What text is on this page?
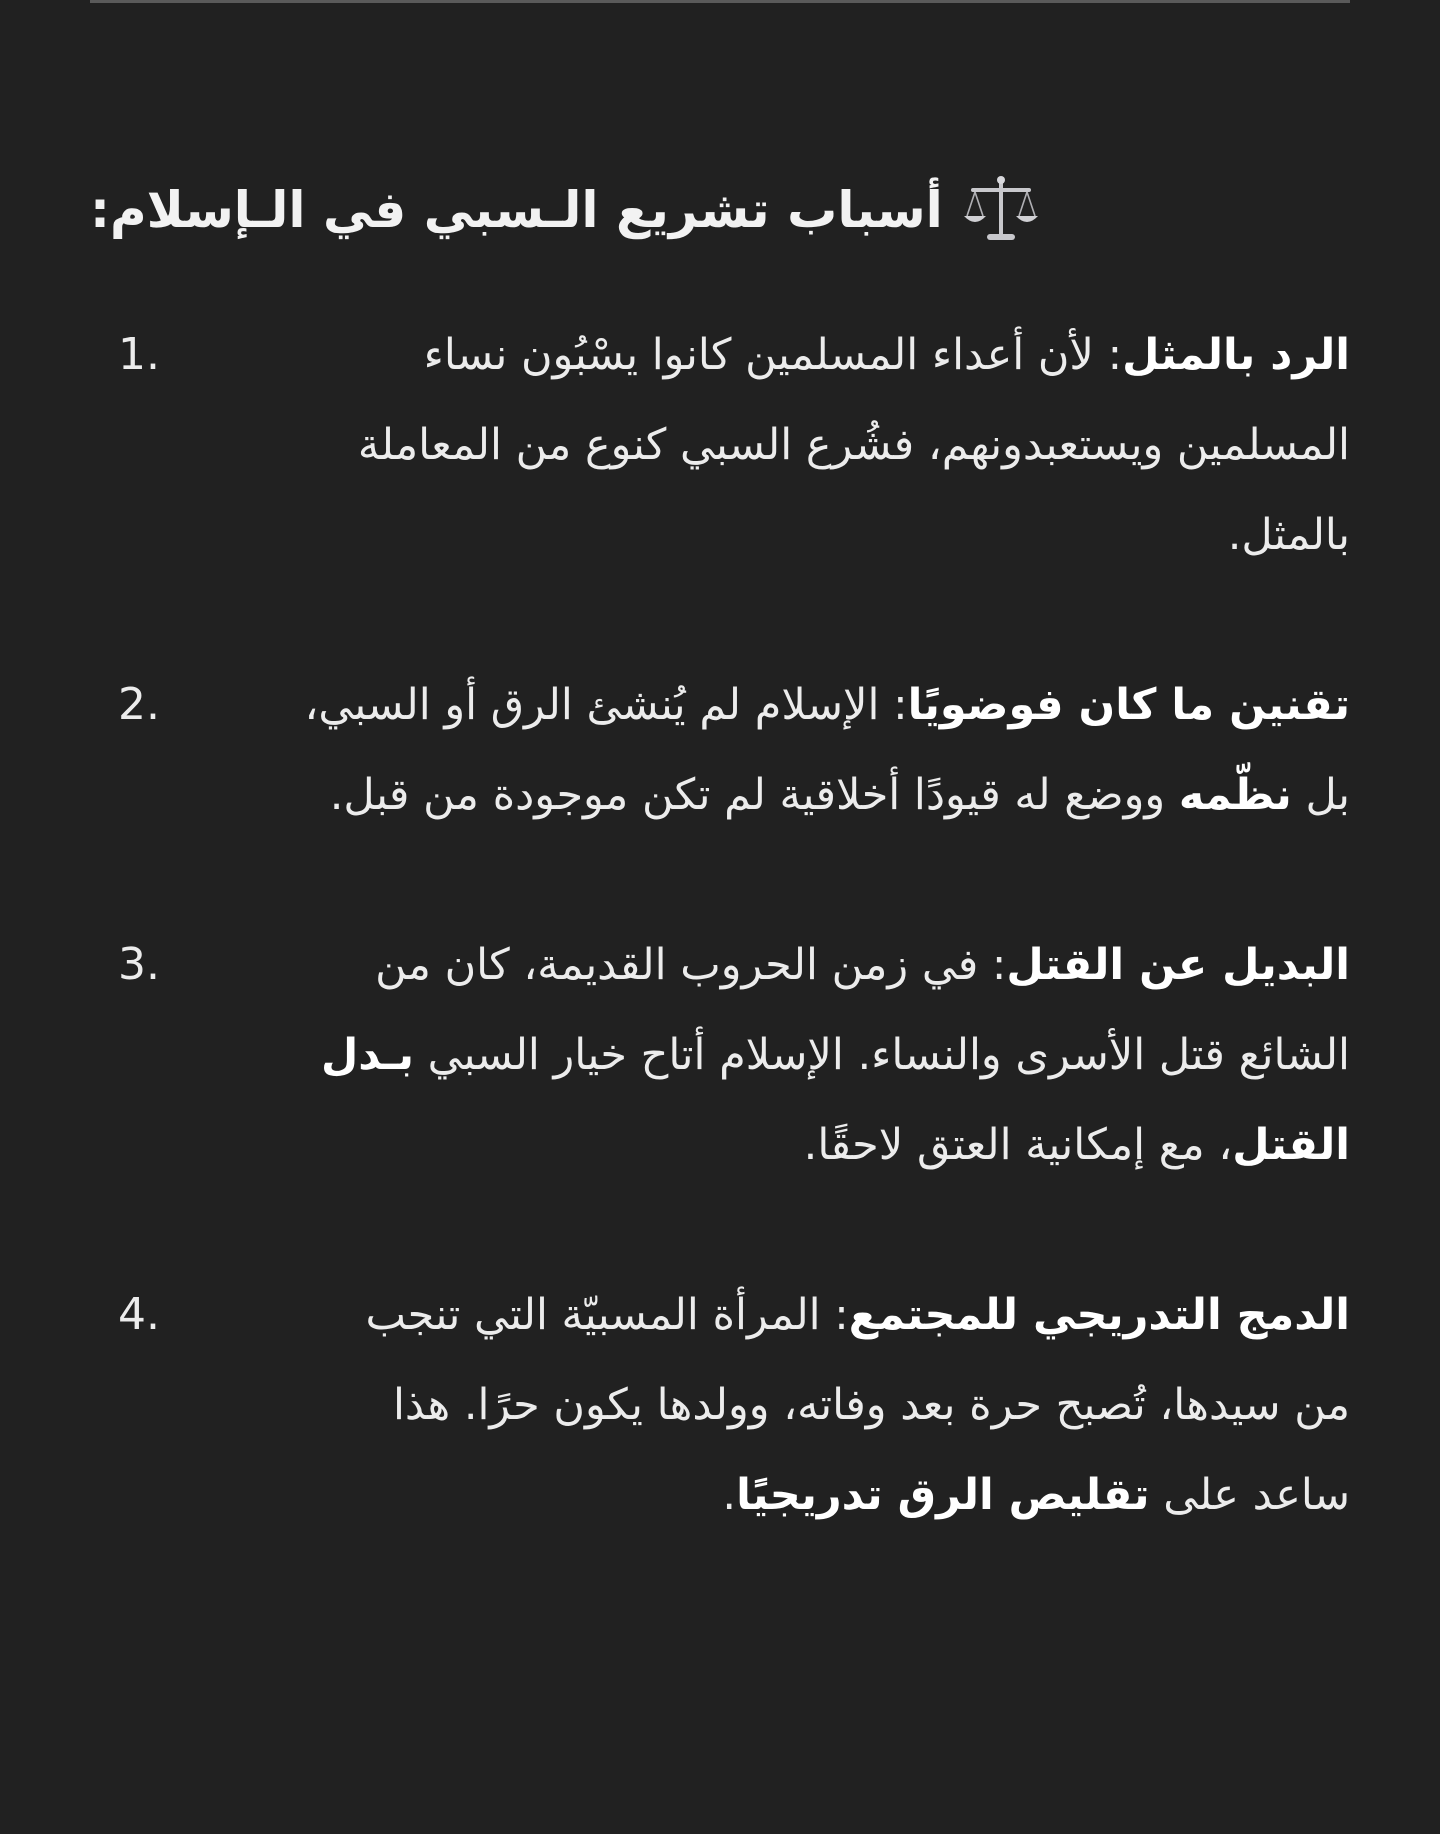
أسباب تشريع الـسبي في الـإسلام:
1.	الرد بالمثل: لأن أعداء المسلمين كانوا يسْبُون نساء المسلمين ويستعبدونهم، فشُرع السبي كنوع من المعاملة بالمثل.

2.	تقنين ما كان فوضويًا: الإسلام لم يُنشئ الرق أو السبي، بل نظّمه ووضع له قيودًا أخلاقية لم تكن موجودة من قبل.

3.	البديل عن القتل: في زمن الحروب القديمة، كان من الشائع قتل الأسرى والنساء. الإسلام أتاح خيار السبي بـدل القتل، مع إمكانية العتق لاحقًا.

4.	الدمج التدريجي للمجتمع: المرأة المسبيّة التي تنجب من سيدها، تُصبح حرة بعد وفاته، وولدها يكون حرًا. هذا ساعد على تقليص الرق تدريجيًا.
